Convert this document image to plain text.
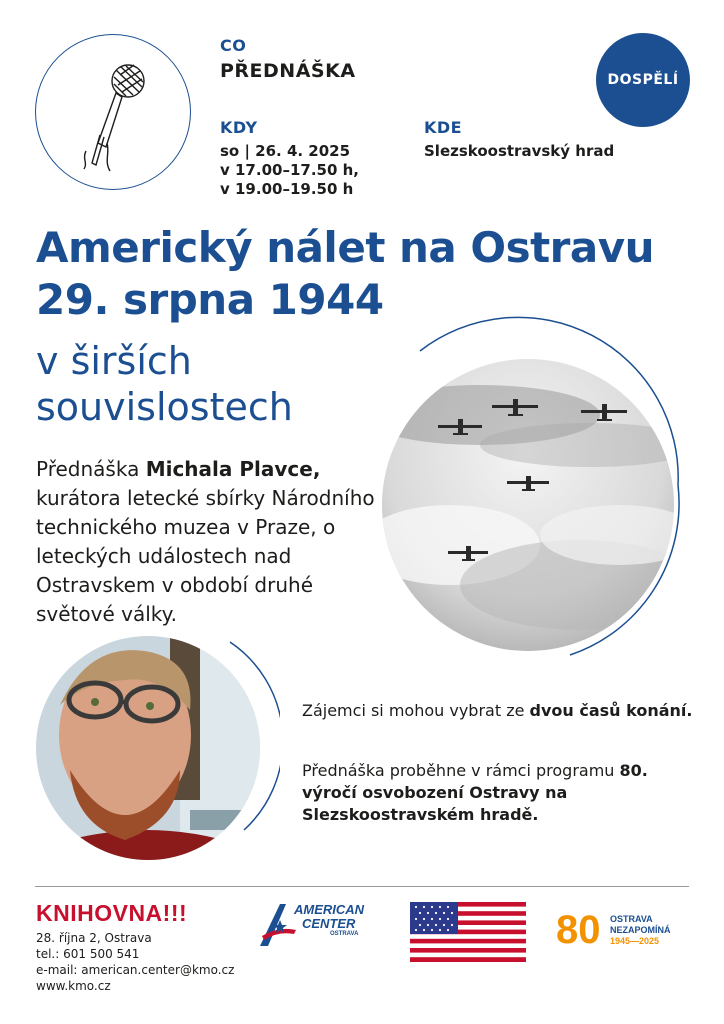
CO
PŘEDNÁŠKA
KDY
so | 26. 4. 2025
v 17.00–17.50 h,
v 19.00–19.50 h
KDE
Slezskoostravský hrad
DOSPĚLÍ
Americký nálet na Ostravu
29. srpna 1944
v širších
souvislostech
Přednáška Michala Plavce, kurátora letecké sbírky Národního technického muzea v Praze, o leteckých událostech nad Ostravskem v období druhé světové války.
Zájemci si mohou vybrat ze dvou časů konání.
Přednáška proběhne v rámci programu 80. výročí osvobození Ostravy na Slezskoostravském hradě.
KNIHOVNA!!!
28. října 2, Ostrava
tel.: 601 500 541
e-mail: american.center@kmo.cz
www.kmo.cz
AMERICAN
CENTER
OSTRAVA	80 OSTRAVA
NEZAPOMÍNÁ
1945—2025
